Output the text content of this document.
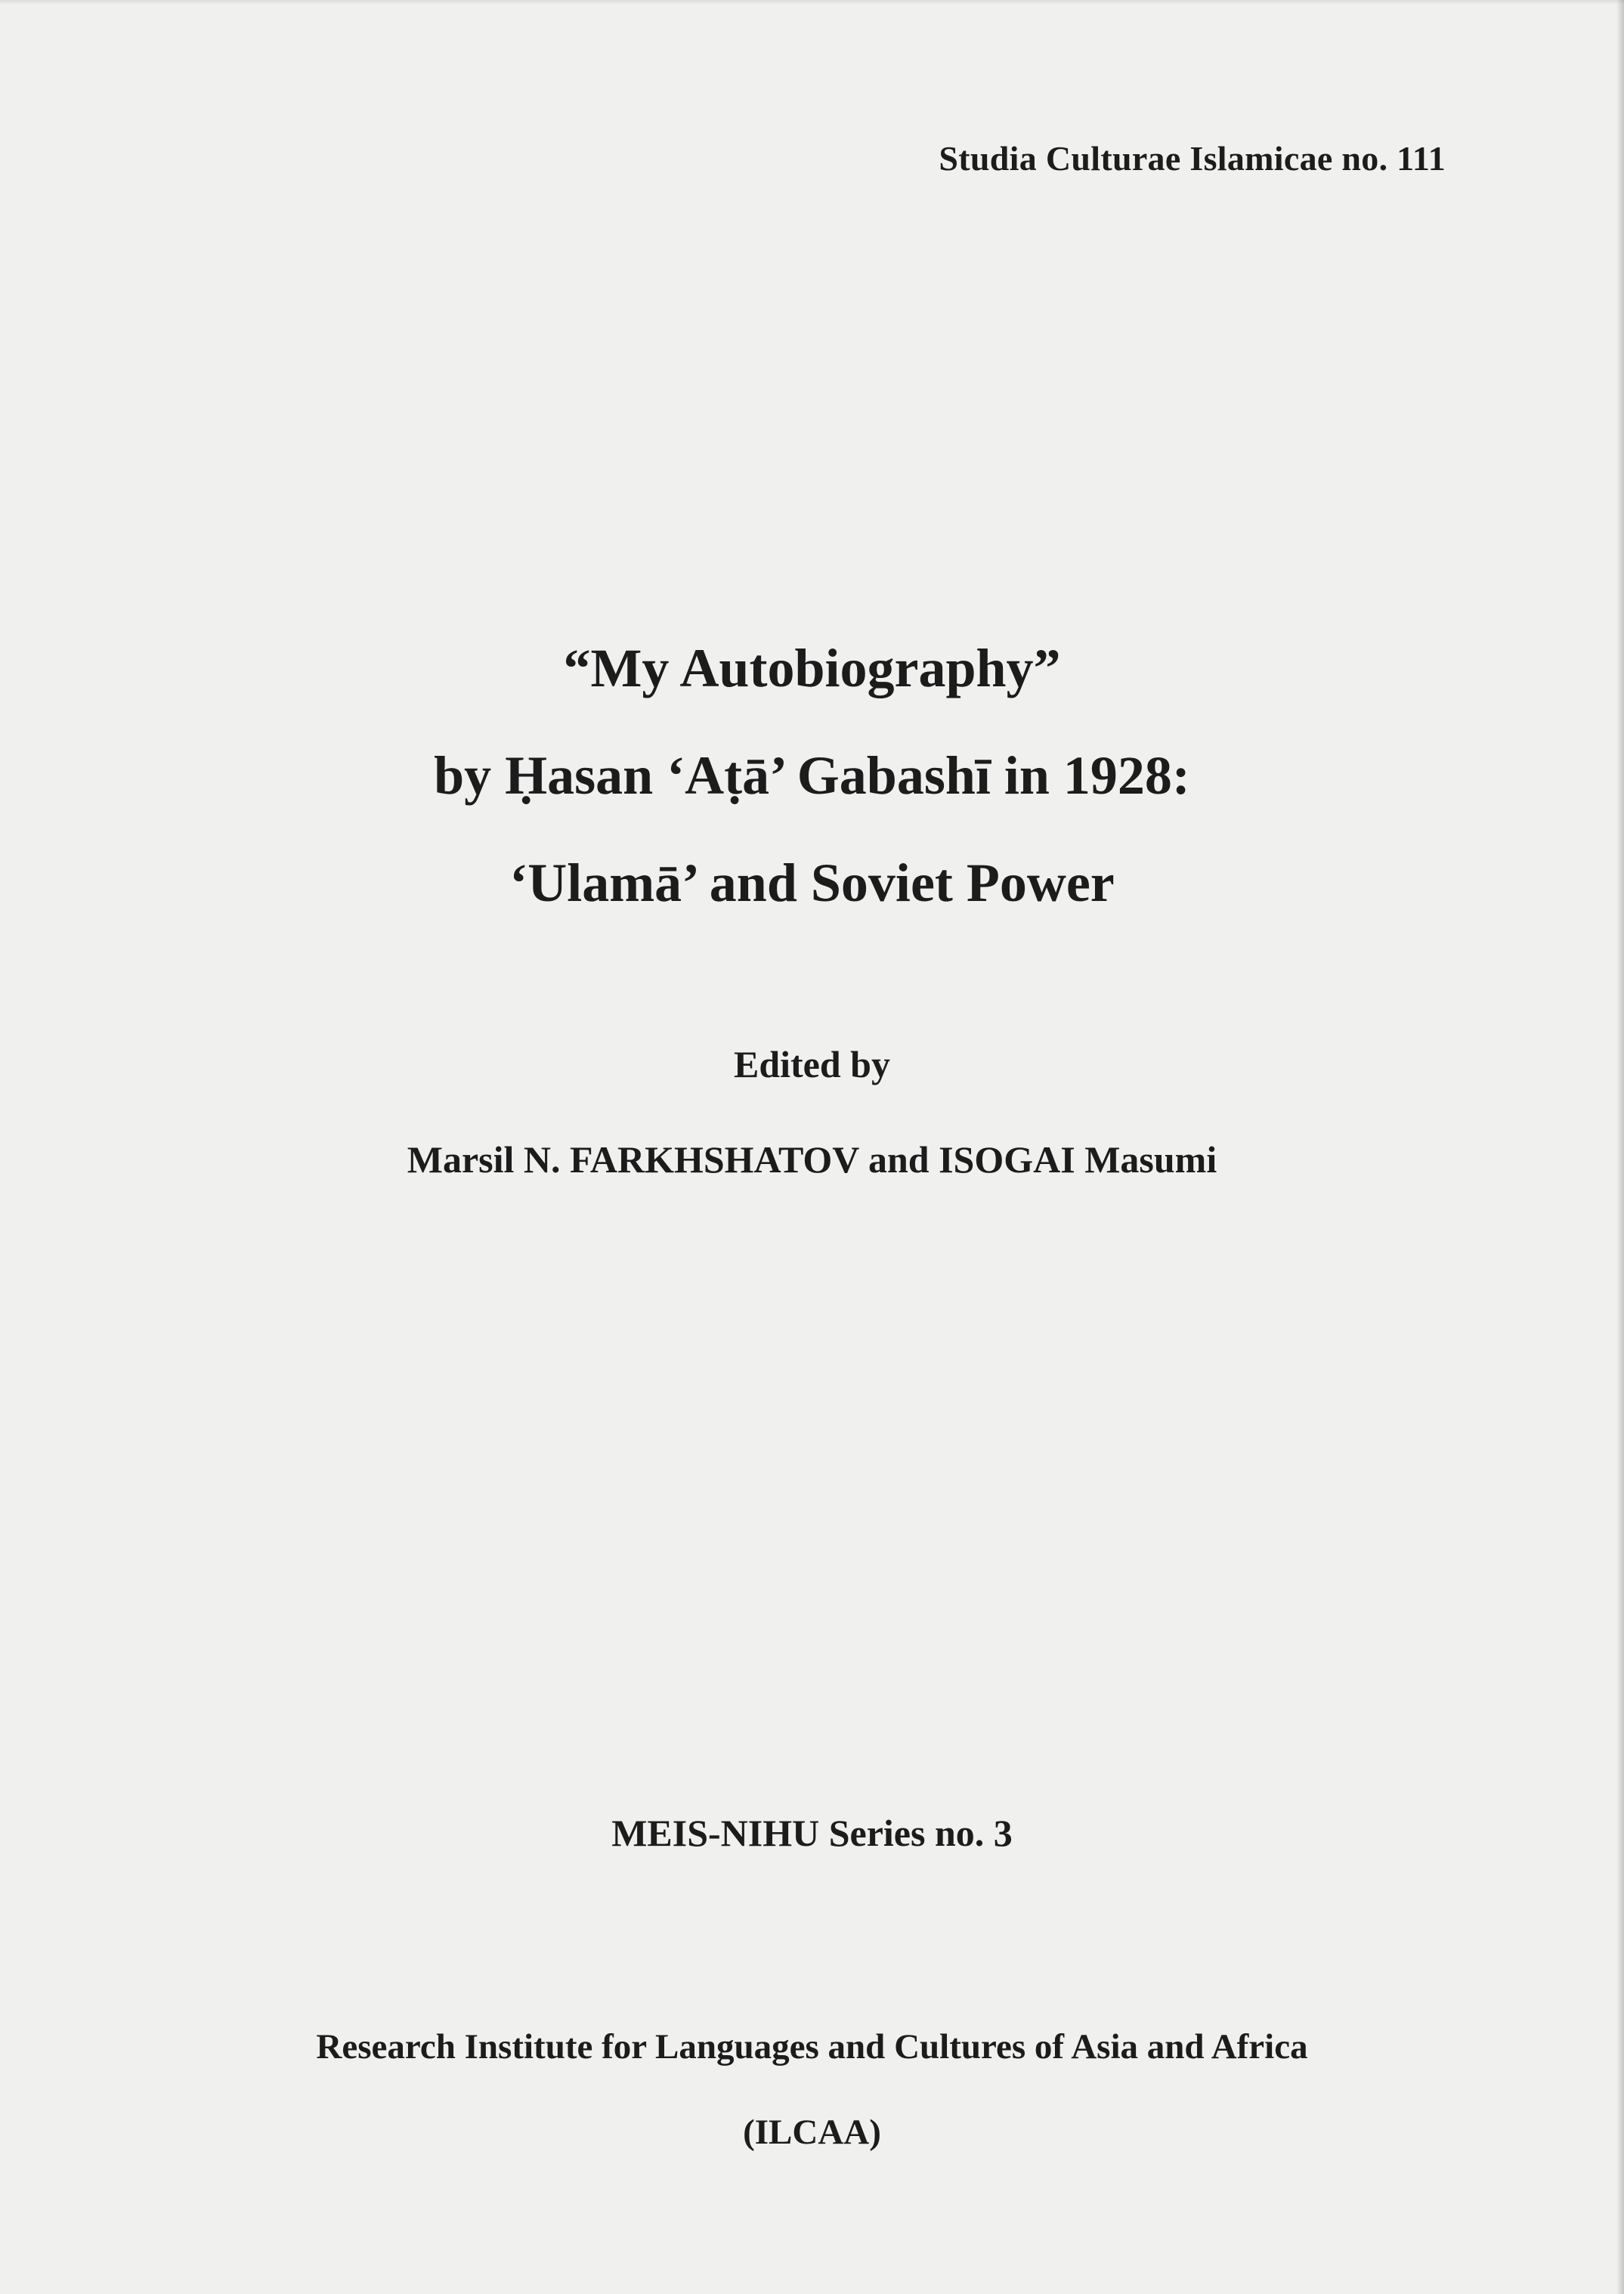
Studia Culturae Islamicae no. 111
“My Autobiography”
by Ḥasan ‘Aṭā’ Gabashī in 1928:
‘Ulamā’ and Soviet Power
Edited by
Marsil N. FARKHSHATOV and ISOGAI Masumi
MEIS-NIHU Series no. 3
Research Institute for Languages and Cultures of Asia and Africa
(ILCAA)
